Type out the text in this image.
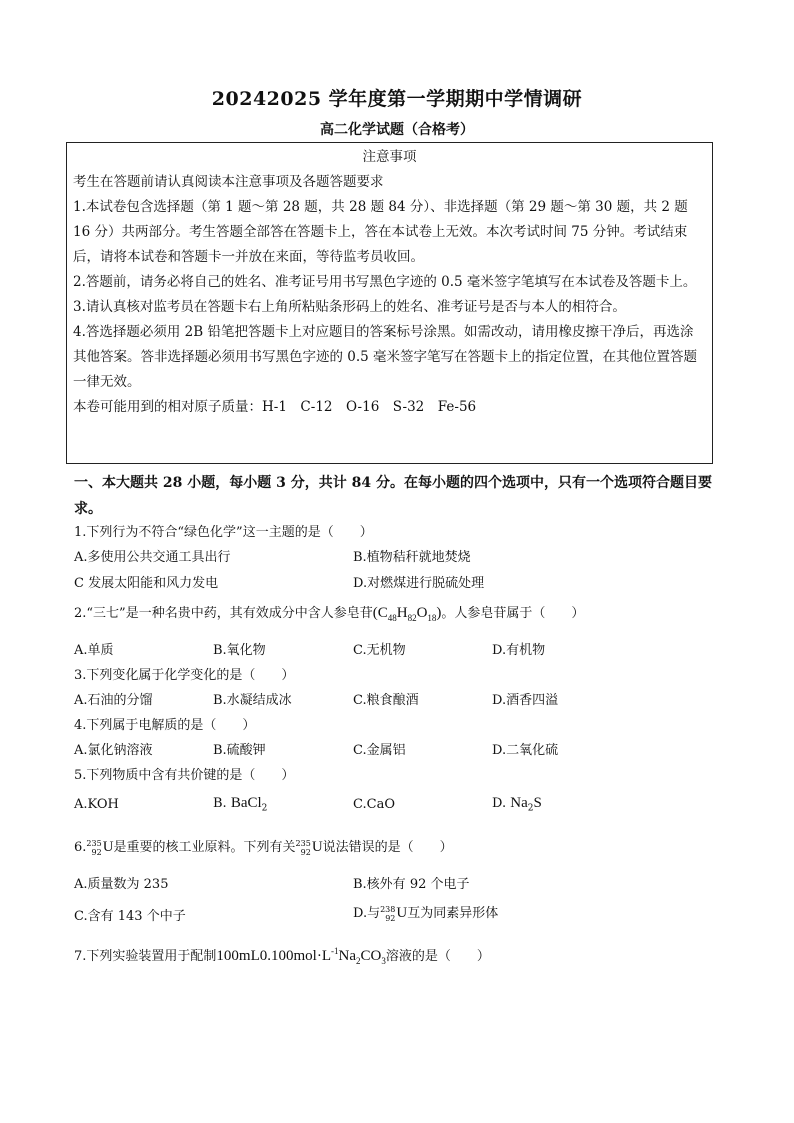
20242025 学年度第一学期期中学情调研
高二化学试题（合格考）
注意事项
考生在答题前请认真阅读本注意事项及各题答题要求
1.本试卷包含选择题（第 1 题～第 28 题，共 28 题 84 分）、非选择题（第 29 题～第 30 题，共 2 题 16 分）共两部分。考生答题全部答在答题卡上，答在本试卷上无效。本次考试时间 75 分钟。考试结束后，请将本试卷和答题卡一并放在来面，等待监考员收回。
2.答题前，请务必将自己的姓名、准考证号用书写黑色字迹的 0.5 毫米签字笔填写在本试卷及答题卡上。
3.请认真核对监考员在答题卡右上角所粘贴条形码上的姓名、准考证号是否与本人的相符合。
4.答选择题必须用 2B 铅笔把答题卡上对应题目的答案标号涂黑。如需改动，请用橡皮擦干净后，再选涂其他答案。答非选择题必须用书写黑色字迹的 0.5 毫米签字笔写在答题卡上的指定位置，在其他位置答题一律无效。
本卷可能用到的相对原子质量：H-1　C-12　O-16　S-32　Fe-56
一、本大题共 28 小题，每小题 3 分，共计 84 分。在每小题的四个选项中，只有一个选项符合题目要求。
1.下列行为不符合“绿色化学”这一主题的是（　　）
A.多使用公共交通工具出行	B.植物秸秆就地焚烧
C 发展太阳能和风力发电	D.对燃煤进行脱硫处理
2.“三七”是一种名贵中药，其有效成分中含人参皂苷$(C_{48}H_{82}O_{18})$。人参皂苷属于（　　）
A.单质	B.氧化物	C.无机物	D.有机物
3.下列变化属于化学变化的是（　　）
A.石油的分馏	B.水凝结成冰	C.粮食酿酒	D.酒香四溢
4.下列属于电解质的是（　　）
A.氯化钠溶液	B.硫酸钾	C.金属铝	D.二氧化硫
5.下列物质中含有共价键的是（　　）
A.KOH	B. BaCl$_2$	C.CaO	D. $Na_2S$
6.235
92U是重要的核工业原料。下列有关235
92U说法错误的是（　　）
A.质量数为 235	B.核外有 92 个电子
C.含有 143 个中子	D.与238
92U互为同素异形体
7.下列实验装置用于配制$100mL0.100mol\cdot L^{-1}Na_2CO_3$溶液的是（　　）
